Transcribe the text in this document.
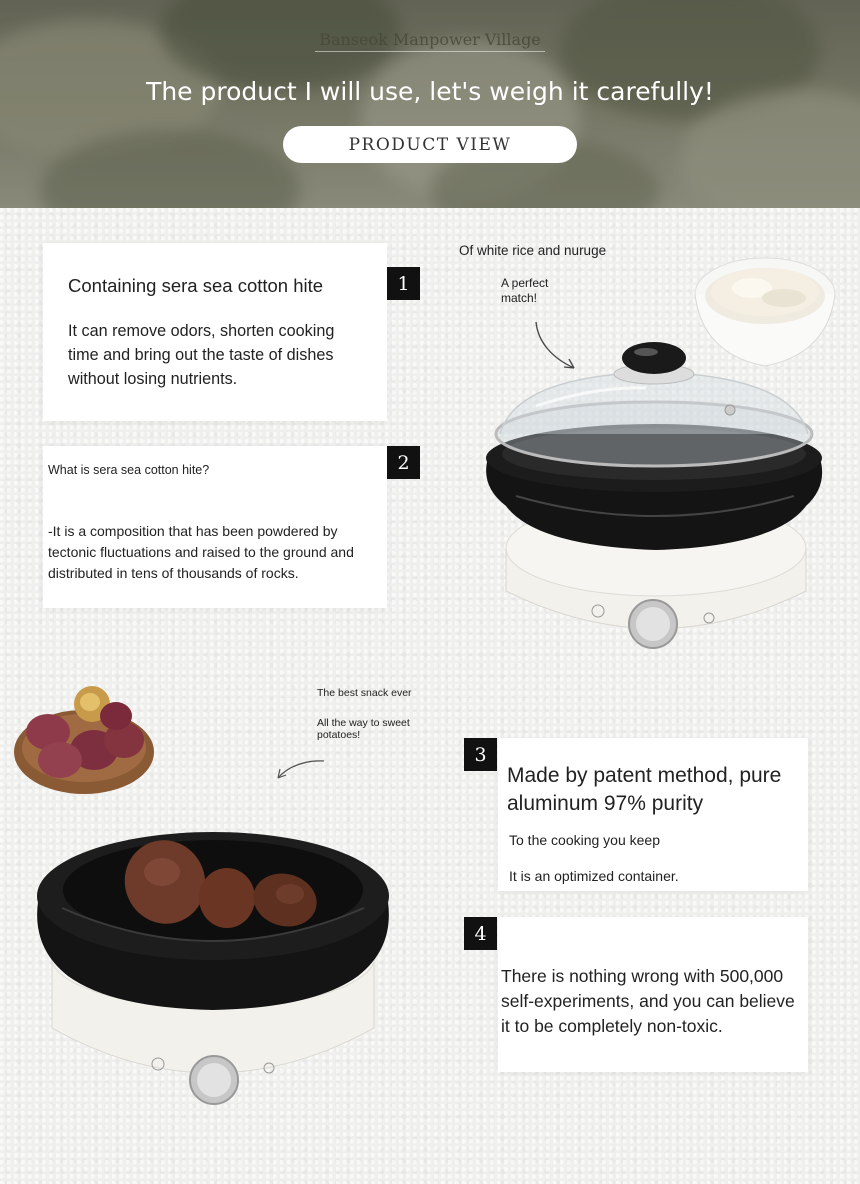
Banseok Manpower Village
The product I will use, let's weigh it carefully!
PRODUCT VIEW
Containing sera sea cotton hite
It can remove odors, shorten cooking time and bring out the taste of dishes without losing nutrients.
1
What is sera sea cotton hite?
-It is a composition that has been powdered by tectonic fluctuations and raised to the ground and distributed in tens of thousands of rocks.
2
Of white rice and nuruge
A perfect match!
The best snack ever
All the way to sweet potatoes!
Made by patent method, pure aluminum 97% purity
To the cooking you keep
It is an optimized container.
3
There is nothing wrong with 500,000 self-experiments, and you can believe it to be completely non-toxic.
4
